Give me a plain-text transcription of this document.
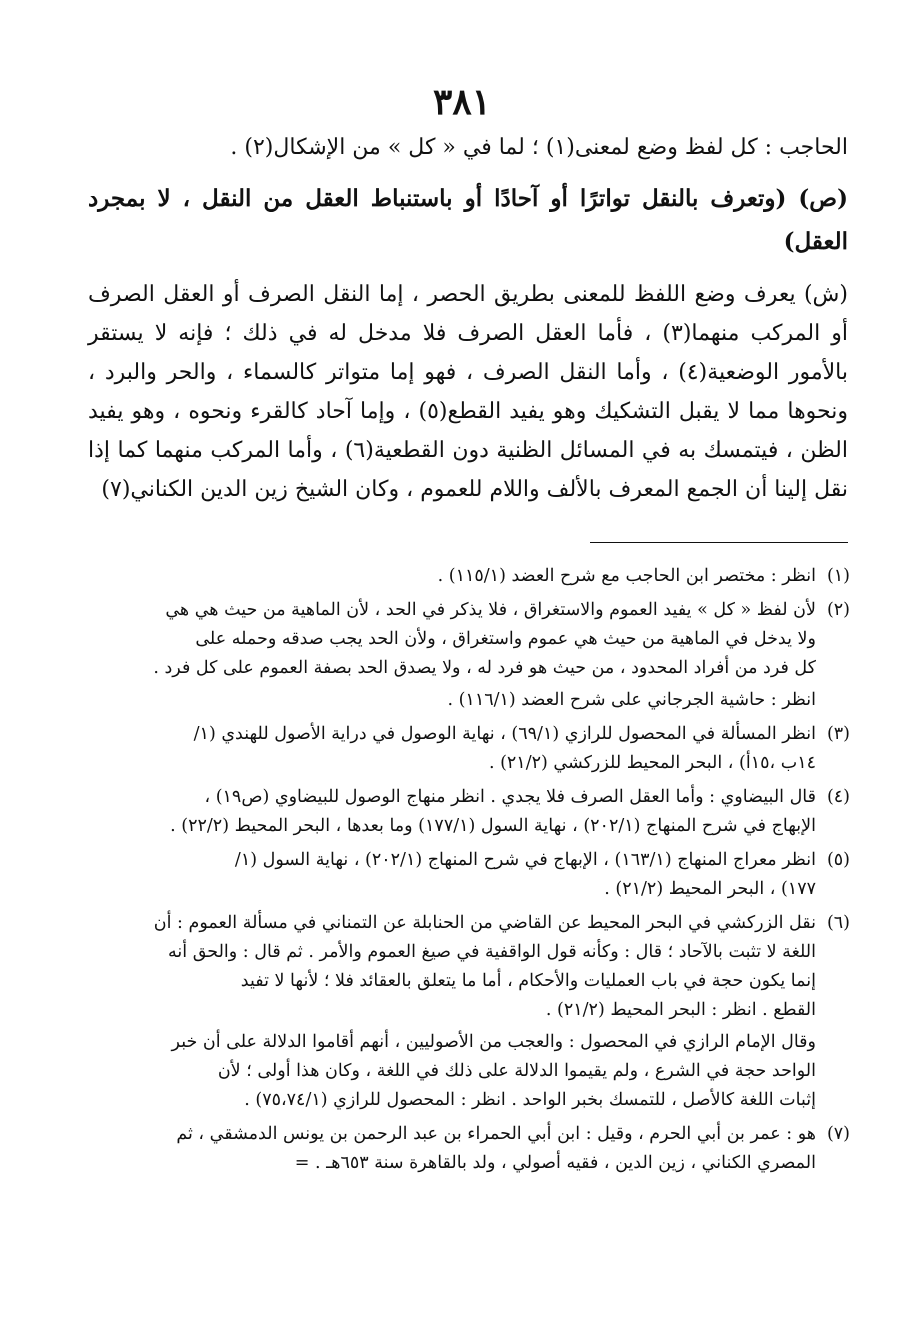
٣٨١

الحاجب : كل لفظ وضع لمعنى(١) ؛ لما في « كل » من الإشكال(٢) .

(ص) (وتعرف بالنقل تواترًا أو آحادًا أو باستنباط العقل من النقل ، لا بمجرد العقل)

(ش) يعرف وضع اللفظ للمعنى بطريق الحصر ، إما النقل الصرف أو العقل الصرف أو المركب منهما(٣) ، فأما العقل الصرف فلا مدخل له في ذلك ؛ فإنه لا يستقر بالأمور الوضعية(٤) ، وأما النقل الصرف ، فهو إما متواتر كالسماء ، والحر والبرد ، ونحوها مما لا يقبل التشكيك وهو يفيد القطع(٥) ، وإما آحاد كالقرء ونحوه ، وهو يفيد الظن ، فيتمسك به في المسائل الظنية دون القطعية(٦) ، وأما المركب منهما كما إذا نقل إلينا أن الجمع المعرف بالألف واللام للعموم ، وكان الشيخ زين الدين الكناني(٧)

(١)
انظر : مختصر ابن الحاجب مع شرح العضد (١١٥/١) .
(٢)
لأن لفظ « كل » يفيد العموم والاستغراق ، فلا يذكر في الحد ، لأن الماهية من حيث هي هي
ولا يدخل في الماهية من حيث هي عموم واستغراق ، ولأن الحد يجب صدقه وحمله على
كل فرد من أفراد المحدود ، من حيث هو فرد له ، ولا يصدق الحد بصفة العموم على كل فرد .
انظر : حاشية الجرجاني على شرح العضد (١١٦/١) .
(٣)
انظر المسألة في المحصول للرازي (٦٩/١) ، نهاية الوصول في دراية الأصول للهندي (١/
١٤ب ،١٥أ) ، البحر المحيط للزركشي (٢١/٢) .
(٤)
قال البيضاوي : وأما العقل الصرف فلا يجدي . انظر منهاج الوصول للبيضاوي (ص١٩) ،
الإبهاج في شرح المنهاج (٢٠٢/١) ، نهاية السول (١٧٧/١) وما بعدها ، البحر المحيط (٢٢/٢) .
(٥)
انظر معراج المنهاج (١٦٣/١) ، الإبهاج في شرح المنهاج (٢٠٢/١) ، نهاية السول (١/
١٧٧) ، البحر المحيط (٢١/٢) .
(٦)
نقل الزركشي في البحر المحيط عن القاضي من الحنابلة عن التمناني في مسألة العموم : أن
اللغة لا تثبت بالآحاد ؛ قال : وكأنه قول الواقفية في صيغ العموم والأمر . ثم قال : والحق أنه
إنما يكون حجة في باب العمليات والأحكام ، أما ما يتعلق بالعقائد فلا ؛ لأنها لا تفيد
القطع . انظر : البحر المحيط (٢١/٢) .
وقال الإمام الرازي في المحصول : والعجب من الأصوليين ، أنهم أقاموا الدلالة على أن خبر
الواحد حجة في الشرع ، ولم يقيموا الدلالة على ذلك في اللغة ، وكان هذا أولى ؛ لأن
إثبات اللغة كالأصل ، للتمسك بخبر الواحد . انظر : المحصول للرازي (٧٥،٧٤/١) .
(٧)
هو : عمر بن أبي الحرم ، وقيل : ابن أبي الحمراء بن عبد الرحمن بن يونس الدمشقي ، ثم
المصري الكناني ، زين الدين ، فقيه أصولي ، ولد بالقاهرة سنة ٦٥٣هـ . =
